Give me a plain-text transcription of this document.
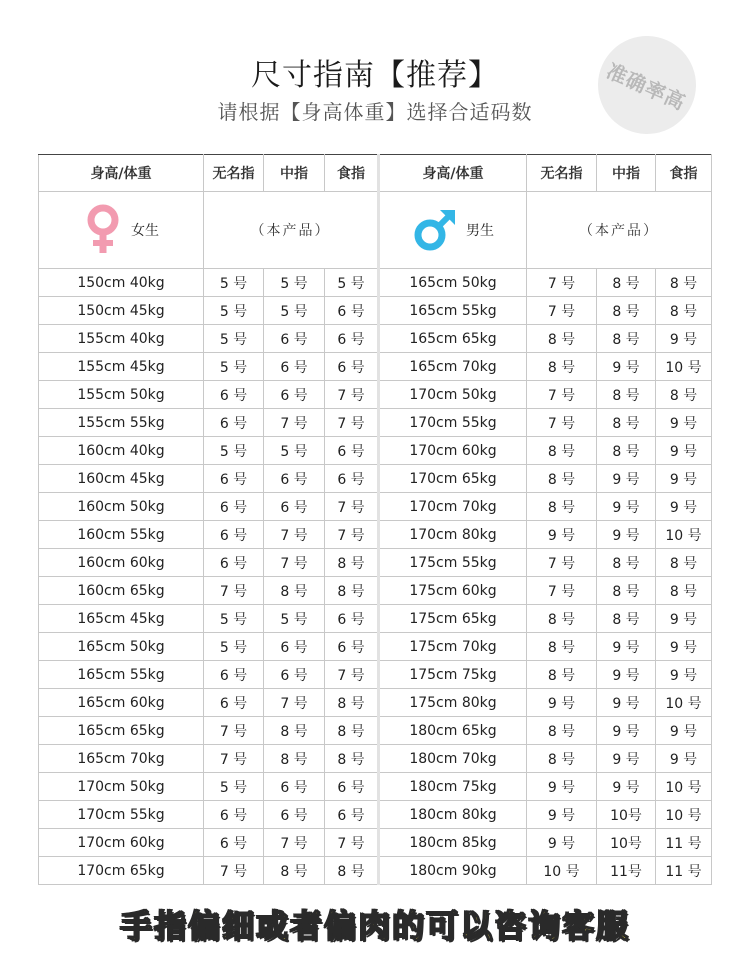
尺寸指南【推荐】
请根据【身高体重】选择合适码数	准确率高
身高/体重	无名指	中指	食指	身高/体重	无名指	中指	食指

女生	（本产品）			男生	（本产品）		
150cm 40kg	5 号	5 号	5 号	165cm 50kg	7 号	8 号	8 号
150cm 45kg	5 号	5 号	6 号	165cm 55kg	7 号	8 号	8 号
155cm 40kg	5 号	6 号	6 号	165cm 65kg	8 号	8 号	9 号
155cm 45kg	5 号	6 号	6 号	165cm 70kg	8 号	9 号	10 号
155cm 50kg	6 号	6 号	7 号	170cm 50kg	7 号	8 号	8 号
155cm 55kg	6 号	7 号	7 号	170cm 55kg	7 号	8 号	9 号
160cm 40kg	5 号	5 号	6 号	170cm 60kg	8 号	8 号	9 号
160cm 45kg	6 号	6 号	6 号	170cm 65kg	8 号	9 号	9 号
160cm 50kg	6 号	6 号	7 号	170cm 70kg	8 号	9 号	9 号
160cm 55kg	6 号	7 号	7 号	170cm 80kg	9 号	9 号	10 号
160cm 60kg	6 号	7 号	8 号	175cm 55kg	7 号	8 号	8 号
160cm 65kg	7 号	8 号	8 号	175cm 60kg	7 号	8 号	8 号
165cm 45kg	5 号	5 号	6 号	175cm 65kg	8 号	8 号	9 号
165cm 50kg	5 号	6 号	6 号	175cm 70kg	8 号	9 号	9 号
165cm 55kg	6 号	6 号	7 号	175cm 75kg	8 号	9 号	9 号
165cm 60kg	6 号	7 号	8 号	175cm 80kg	9 号	9 号	10 号
165cm 65kg	7 号	8 号	8 号	180cm 65kg	8 号	9 号	9 号
165cm 70kg	7 号	8 号	8 号	180cm 70kg	8 号	9 号	9 号
170cm 50kg	5 号	6 号	6 号	180cm 75kg	9 号	9 号	10 号
170cm 55kg	6 号	6 号	6 号	180cm 80kg	9 号	10号	10 号
170cm 60kg	6 号	7 号	7 号	180cm 85kg	9 号	10号	11 号
170cm 65kg	7 号	8 号	8 号	180cm 90kg	10 号	11号	11 号
手指偏细或者偏肉的可以咨询客服
